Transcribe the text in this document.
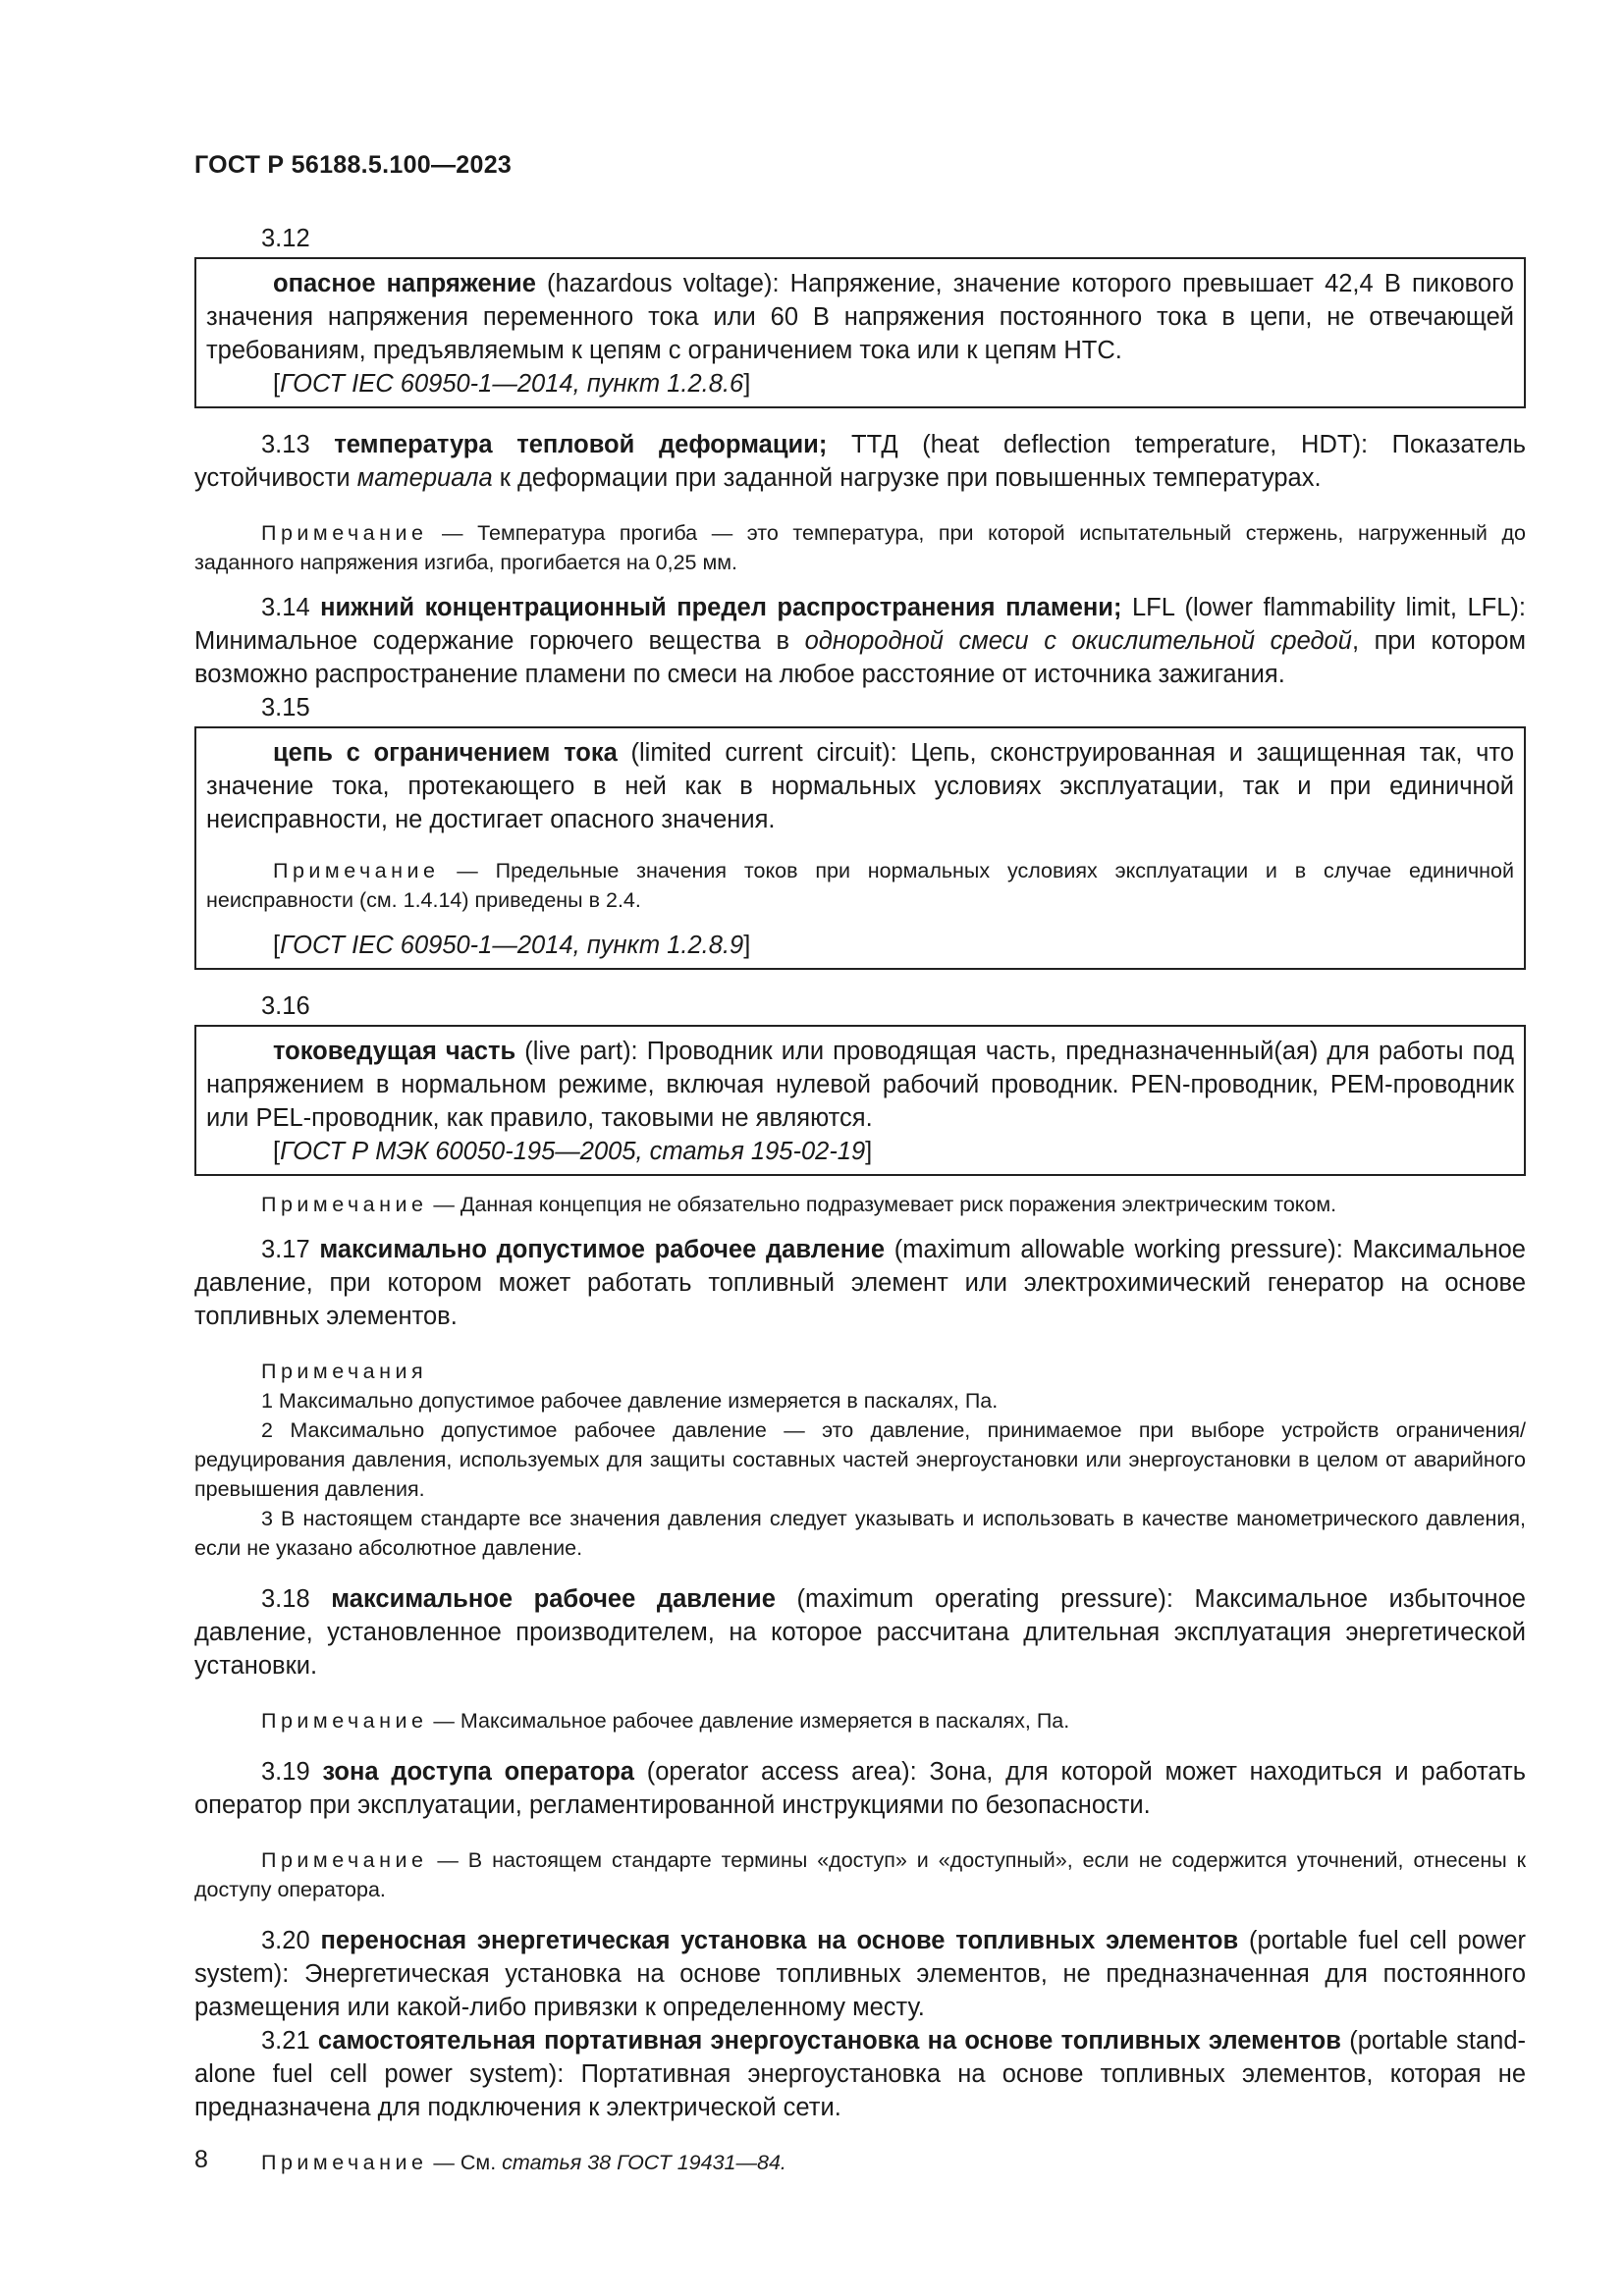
ГОСТ Р 56188.5.100—2023

3.12

опасное напряжение (hazardous voltage): Напряжение, значение которого превышает 42,4 В пикового значения напряжения переменного тока или 60 В напряжения постоянного тока в цепи, не отвечающей требованиям, предъявляемым к цепям с ограничением тока или к цепям НТС.

[ГОСТ IEC 60950-1—2014, пункт 1.2.8.6]

3.13 температура тепловой деформации; ТТД (heat deflection temperature, HDT): Показатель устойчивости материала к деформации при заданной нагрузке при повышенных температурах.

Примечание — Температура прогиба — это температура, при которой испытательный стержень, нагруженный до заданного напряжения изгиба, прогибается на 0,25 мм.

3.14 нижний концентрационный предел распространения пламени; LFL (lower flammability limit, LFL): Минимальное содержание горючего вещества в однородной смеси с окислительной средой, при котором возможно распространение пламени по смеси на любое расстояние от источника зажигания.

3.15

цепь с ограничением тока (limited current circuit): Цепь, сконструированная и защищенная так, что значение тока, протекающего в ней как в нормальных условиях эксплуатации, так и при единичной неисправности, не достигает опасного значения.

Примечание — Предельные значения токов при нормальных условиях эксплуатации и в случае единичной неисправности (см. 1.4.14) приведены в 2.4.

[ГОСТ IEC 60950-1—2014, пункт 1.2.8.9]

3.16

токоведущая часть (live part): Проводник или проводящая часть, предназначенный(ая) для работы под напряжением в нормальном режиме, включая нулевой рабочий проводник. PEN-проводник, PEM-проводник или PEL-проводник, как правило, таковыми не являются.

[ГОСТ Р МЭК 60050-195—2005, статья 195-02-19]

Примечание — Данная концепция не обязательно подразумевает риск поражения электрическим током.

3.17 максимально допустимое рабочее давление (maximum allowable working pressure): Максимальное давление, при котором может работать топливный элемент или электрохимический генератор на основе топливных элементов.

Примечания

1 Максимально допустимое рабочее давление измеряется в паскалях, Па.

2 Максимально допустимое рабочее давление — это давление, принимаемое при выборе устройств ограничения/редуцирования давления, используемых для защиты составных частей энергоустановки или энергоустановки в целом от аварийного превышения давления.

3 В настоящем стандарте все значения давления следует указывать и использовать в качестве манометрического давления, если не указано абсолютное давление.

3.18 максимальное рабочее давление (maximum operating pressure): Максимальное избыточное давление, установленное производителем, на которое рассчитана длительная эксплуатация энергетической установки.

Примечание — Максимальное рабочее давление измеряется в паскалях, Па.

3.19 зона доступа оператора (operator access area): Зона, для которой может находиться и работать оператор при эксплуатации, регламентированной инструкциями по безопасности.

Примечание — В настоящем стандарте термины «доступ» и «доступный», если не содержится уточнений, отнесены к доступу оператора.

3.20 переносная энергетическая установка на основе топливных элементов (portable fuel cell power system): Энергетическая установка на основе топливных элементов, не предназначенная для постоянного размещения или какой-либо привязки к определенному месту.

3.21 самостоятельная портативная энергоустановка на основе топливных элементов (portable stand-alone fuel cell power system): Портативная энергоустановка на основе топливных элементов, которая не предназначена для подключения к электрической сети.

Примечание — См. статья 38 ГОСТ 19431—84.

8
